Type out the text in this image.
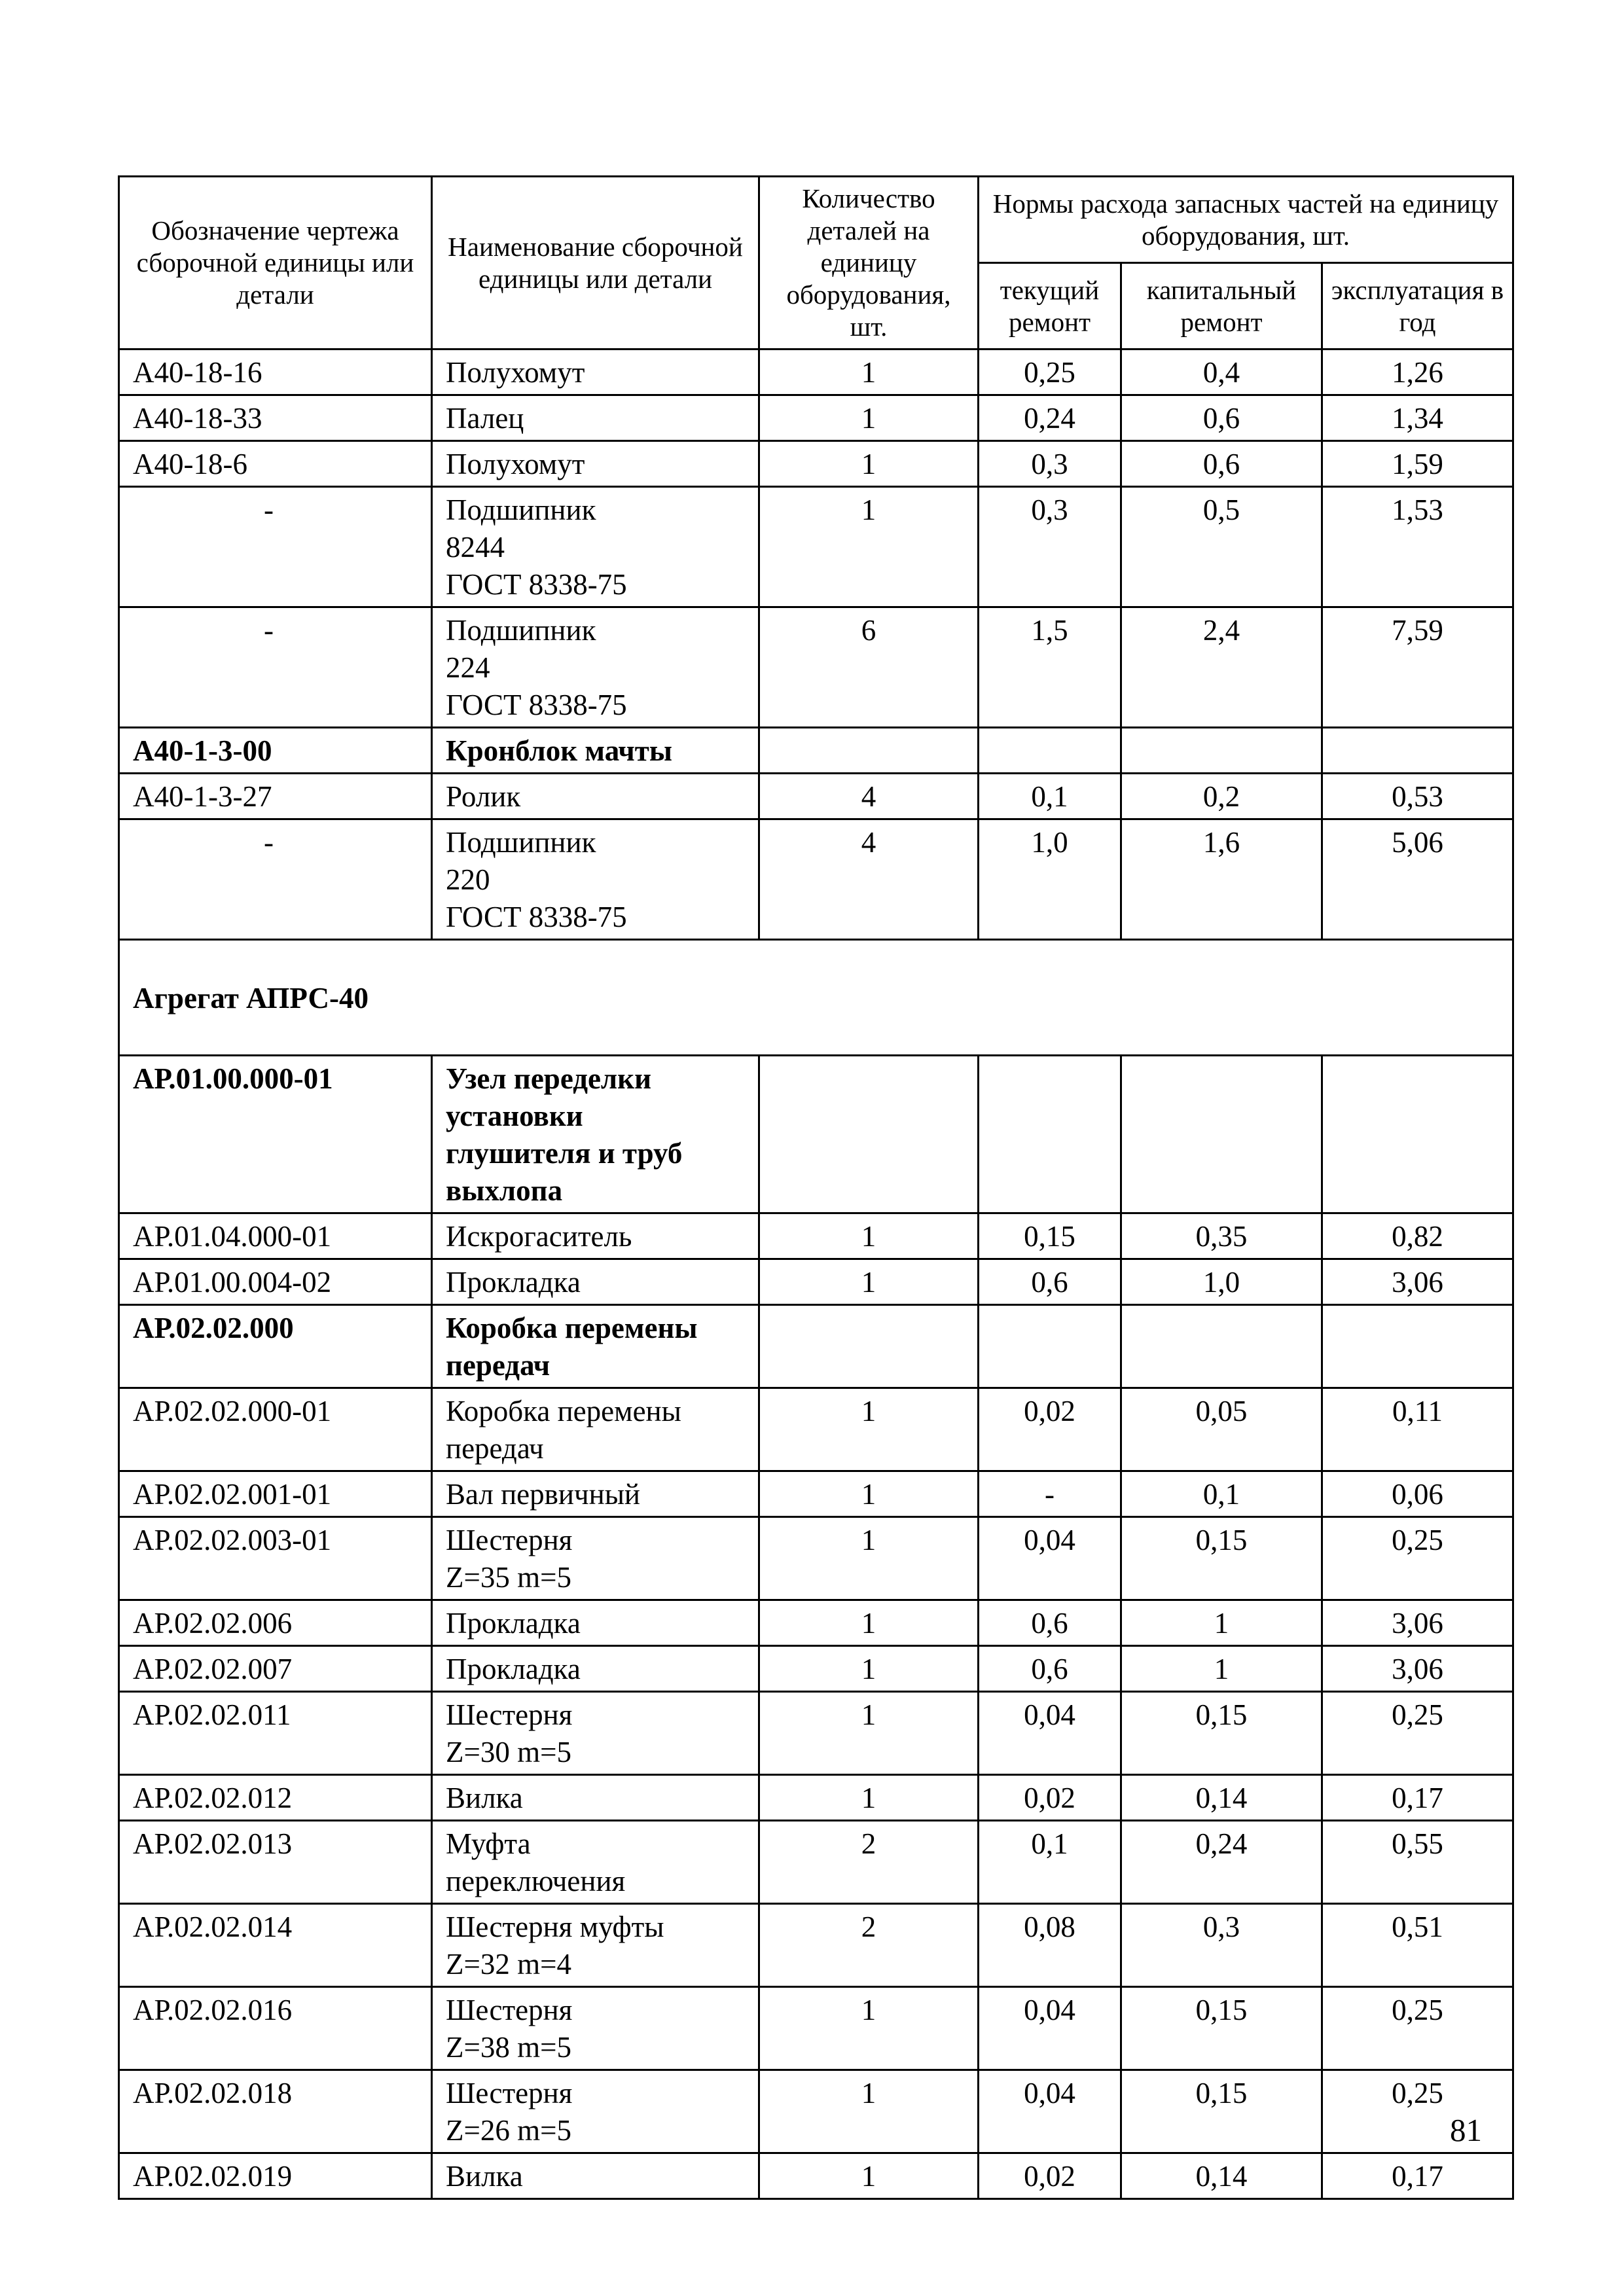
Обозначение чертежа сборочной единицы или детали	Наименование сборочной единицы или детали	Количество деталей на единицу оборудования, шт.	Нормы расхода запасных частей на единицу оборудования, шт.		
			текущий ремонт	капитальный ремонт	эксплуатация в год
А40-18-16	Полухомут	1	0,25	0,4	1,26
А40-18-33	Палец	1	0,24	0,6	1,34
А40-18-6	Полухомут	1	0,3	0,6	1,59
-	Подшипник
8244
ГОСТ 8338-75	1	0,3	0,5	1,53
-	Подшипник
224
ГОСТ 8338-75	6	1,5	2,4	7,59
А40-1-3-00	Кронблок мачты				
А40-1-3-27	Ролик	4	0,1	0,2	0,53
-	Подшипник
220
ГОСТ 8338-75	4	1,0	1,6	5,06
Агрегат АПРС-40					
АР.01.00.000-01	Узел переделки
установки
глушителя и труб
выхлопа				
АР.01.04.000-01	Искрогаситель	1	0,15	0,35	0,82
АР.01.00.004-02	Прокладка	1	0,6	1,0	3,06
АР.02.02.000	Коробка перемены
передач				
АР.02.02.000-01	Коробка перемены
передач	1	0,02	0,05	0,11
АР.02.02.001-01	Вал первичный	1	-	0,1	0,06
АР.02.02.003-01	Шестерня
Z=35 m=5	1	0,04	0,15	0,25
АР.02.02.006	Прокладка	1	0,6	1	3,06
АР.02.02.007	Прокладка	1	0,6	1	3,06
АР.02.02.011	Шестерня
Z=30 m=5	1	0,04	0,15	0,25
АР.02.02.012	Вилка	1	0,02	0,14	0,17
АР.02.02.013	Муфта
переключения	2	0,1	0,24	0,55
АР.02.02.014	Шестерня муфты
Z=32 m=4	2	0,08	0,3	0,51
АР.02.02.016	Шестерня
Z=38 m=5	1	0,04	0,15	0,25
АР.02.02.018	Шестерня
Z=26 m=5	1	0,04	0,15	0,25
АР.02.02.019	Вилка	1	0,02	0,14	0,17
81
